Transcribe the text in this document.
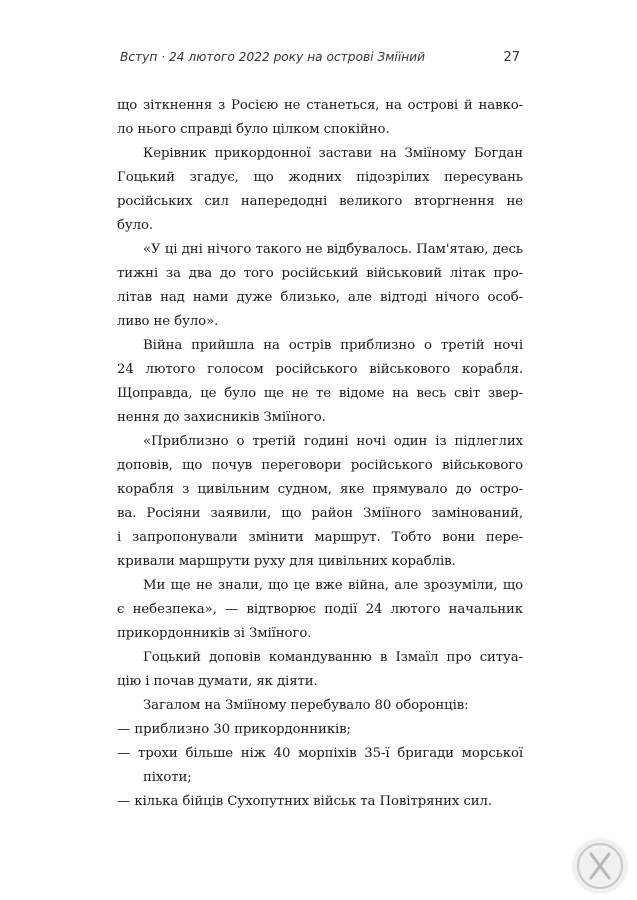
Вступ · 24 лютого 2022 року на острові Зміїний	27
що зіткнення з Росією не станеться, на острові й навко-
ло нього справді було цілком спокійно.
Керівник прикордонної застави на Зміїному Богдан
Гоцький згадує, що жодних підозрілих пересувань
російських сил напередодні великого вторгнення не
було.
«У ці дні нічого такого не відбувалось. Пам'ятаю, десь
тижні за два до того російський військовий літак про-
літав над нами дуже близько, але відтоді нічого особ-
ливо не було».
Війна прийшла на острів приблизно о третій ночі
24 лютого голосом російського військового корабля.
Щоправда, це було ще не те відоме на весь світ звер-
нення до захисників Зміїного.
«Приблизно о третій годині ночі один із підлеглих
доповів, що почув переговори російського військового
корабля з цивільним судном, яке прямувало до остро-
ва. Росіяни заявили, що район Зміїного замінований,
і запропонували змінити маршрут. Тобто вони пере-
кривали маршрути руху для цивільних кораблів.
Ми ще не знали, що це вже війна, але зрозуміли, що
є небезпека», — відтворює події 24 лютого начальник
прикордонників зі Зміїного.
Гоцький доповів командуванню в Ізмаїл про ситуа-
цію і почав думати, як діяти.
Загалом на Зміїному перебувало 80 оборонців:
— приблизно 30 прикордонників;
— трохи більше ніж 40 морпіхів 35-ї бригади морської
піхоти;
— кілька бійців Сухопутних військ та Повітряних сил.
